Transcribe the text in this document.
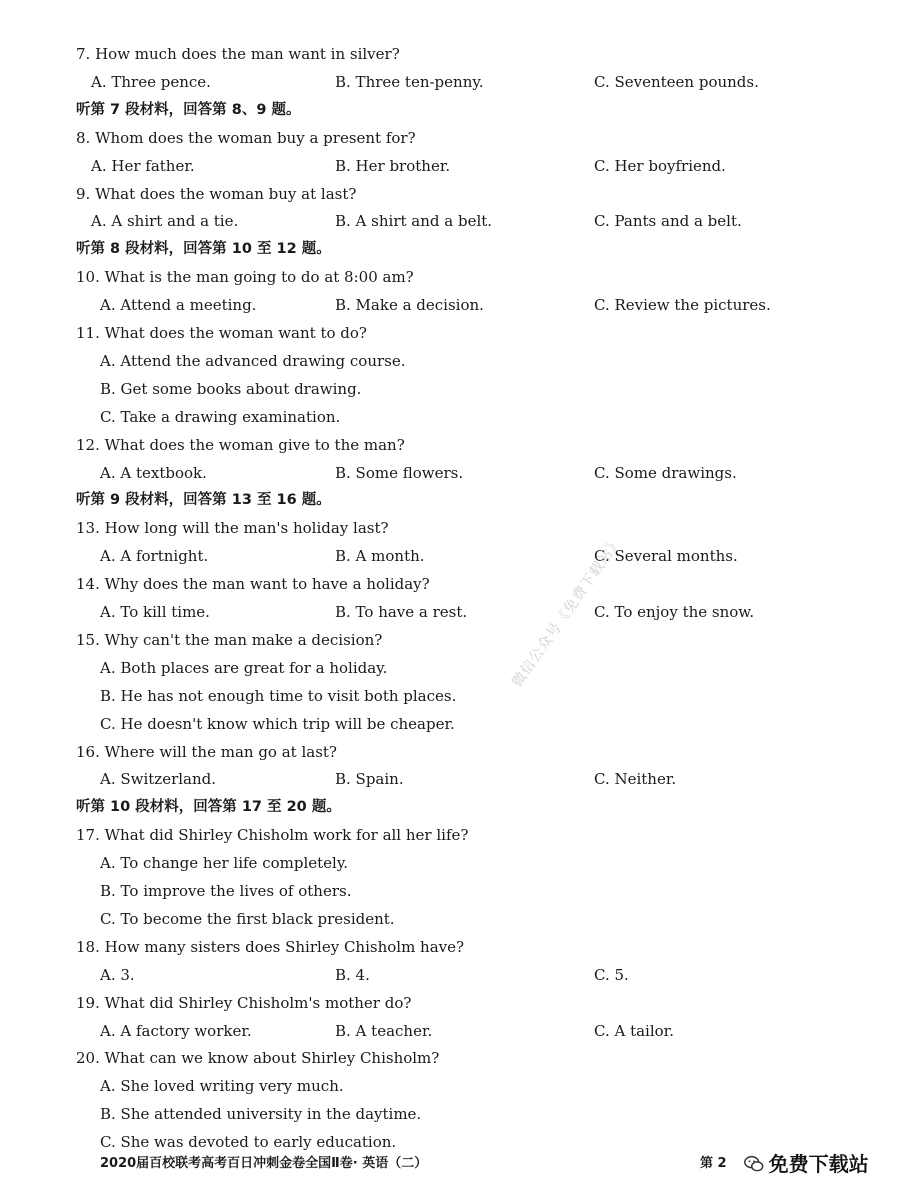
7. How much does the man want in silver?
A. Three pence.	B. Three ten-penny.	C. Seventeen pounds.
听第 7 段材料，回答第 8、9 题。
8. Whom does the woman buy a present for?
A. Her father.	B. Her brother.	C. Her boyfriend.
9. What does the woman buy at last?
A. A shirt and a tie.	B. A shirt and a belt.	C. Pants and a belt.
听第 8 段材料，回答第 10 至 12 题。
10. What is the man going to do at 8:00 am?
A. Attend a meeting.	B. Make a decision.	C. Review the pictures.
11. What does the woman want to do?
A. Attend the advanced drawing course.
B. Get some books about drawing.
C. Take a drawing examination.
12. What does the woman give to the man?
A. A textbook.	B. Some flowers.	C. Some drawings.
听第 9 段材料，回答第 13 至 16 题。
13. How long will the man's holiday last?
A. A fortnight.	B. A month.	C. Several months.
14. Why does the man want to have a holiday?
A. To kill time.	B. To have a rest.	C. To enjoy the snow.
15. Why can't the man make a decision?
A. Both places are great for a holiday.
B. He has not enough time to visit both places.
C. He doesn't know which trip will be cheaper.
16. Where will the man go at last?
A. Switzerland.	B. Spain.	C. Neither.
听第 10 段材料，回答第 17 至 20 题。
17. What did Shirley Chisholm work for all her life?
A. To change her life completely.
B. To improve the lives of others.
C. To become the first black president.
18. How many sisters does Shirley Chisholm have?
A. 3.	B. 4.	C. 5.
19. What did Shirley Chisholm's mother do?
A. A factory worker.	B. A teacher.	C. A tailor.
20. What can we know about Shirley Chisholm?
A. She loved writing very much.
B. She attended university in the daytime.
C. She was devoted to early education.
微信公众号《免费下载站》
2020届百校联考高考百日冲刺金卷全国Ⅱ卷· 英语（二）	第 2 免费下载站
